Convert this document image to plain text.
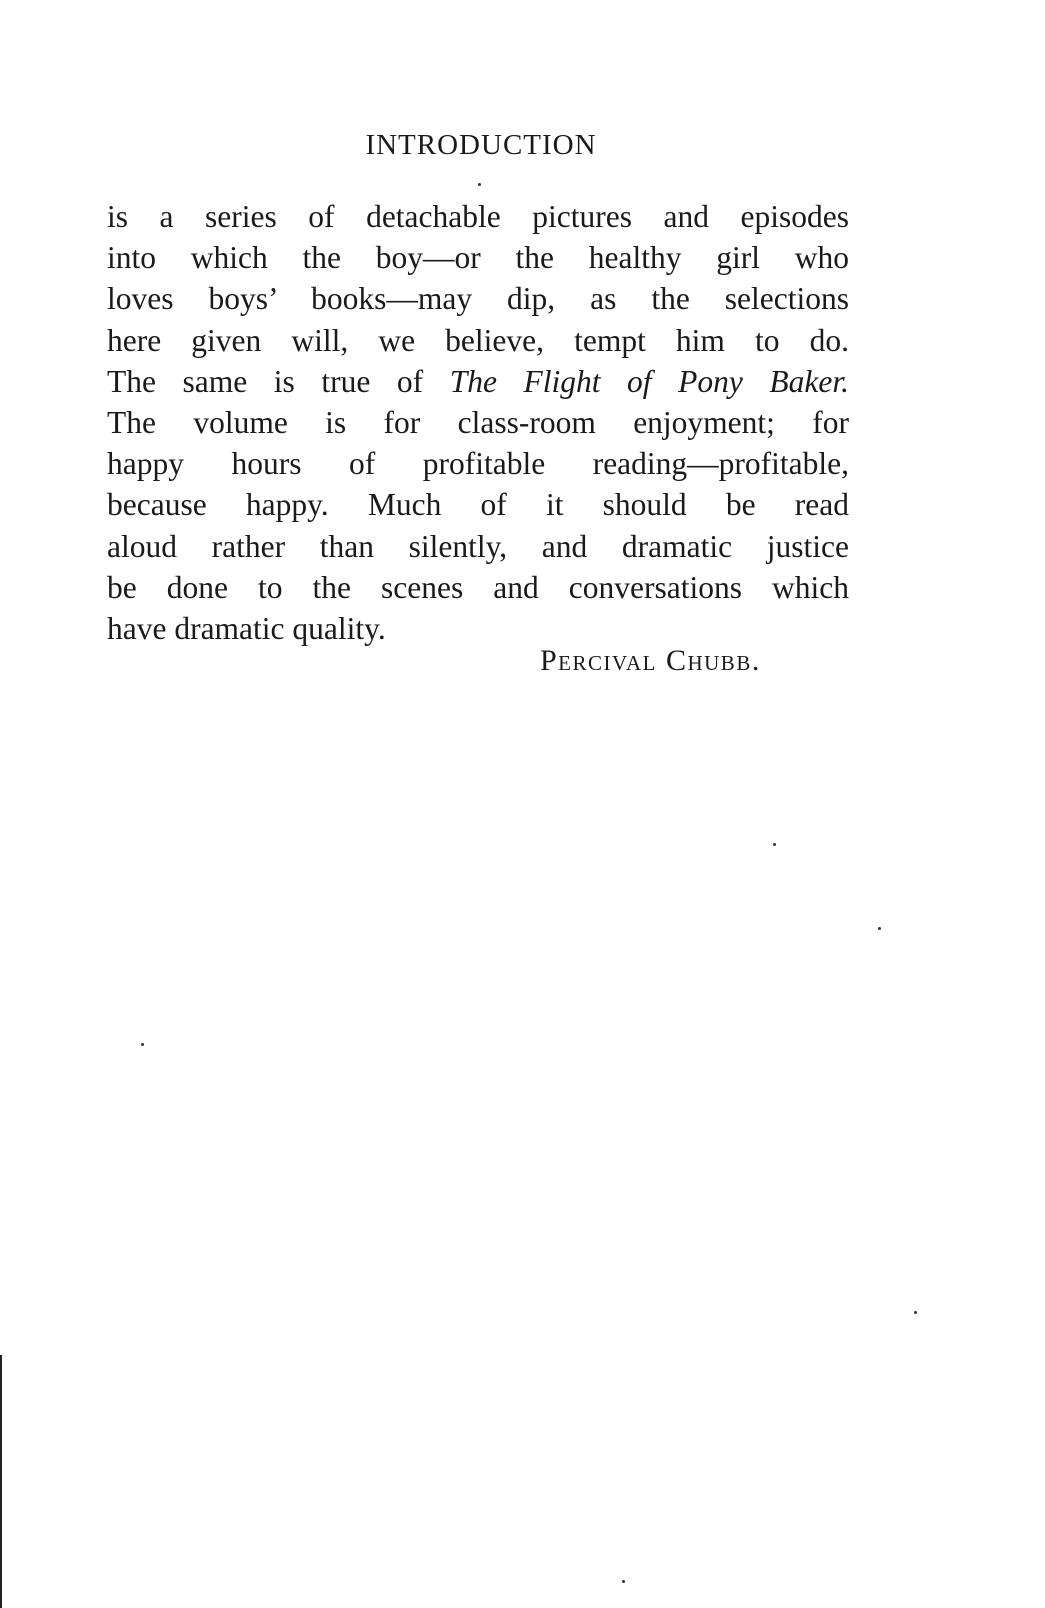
INTRODUCTION
is a series of detachable pictures and episodes
into which the boy—or the healthy girl who
loves boys’ books—may dip, as the selections
here given will, we believe, tempt him to do.
The same is true of The Flight of Pony Baker.
The volume is for class-room enjoyment; for
happy hours of profitable reading—profitable,
because happy. Much of it should be read
aloud rather than silently, and dramatic justice
be done to the scenes and conversations which
have dramatic quality.

Percival Chubb.
